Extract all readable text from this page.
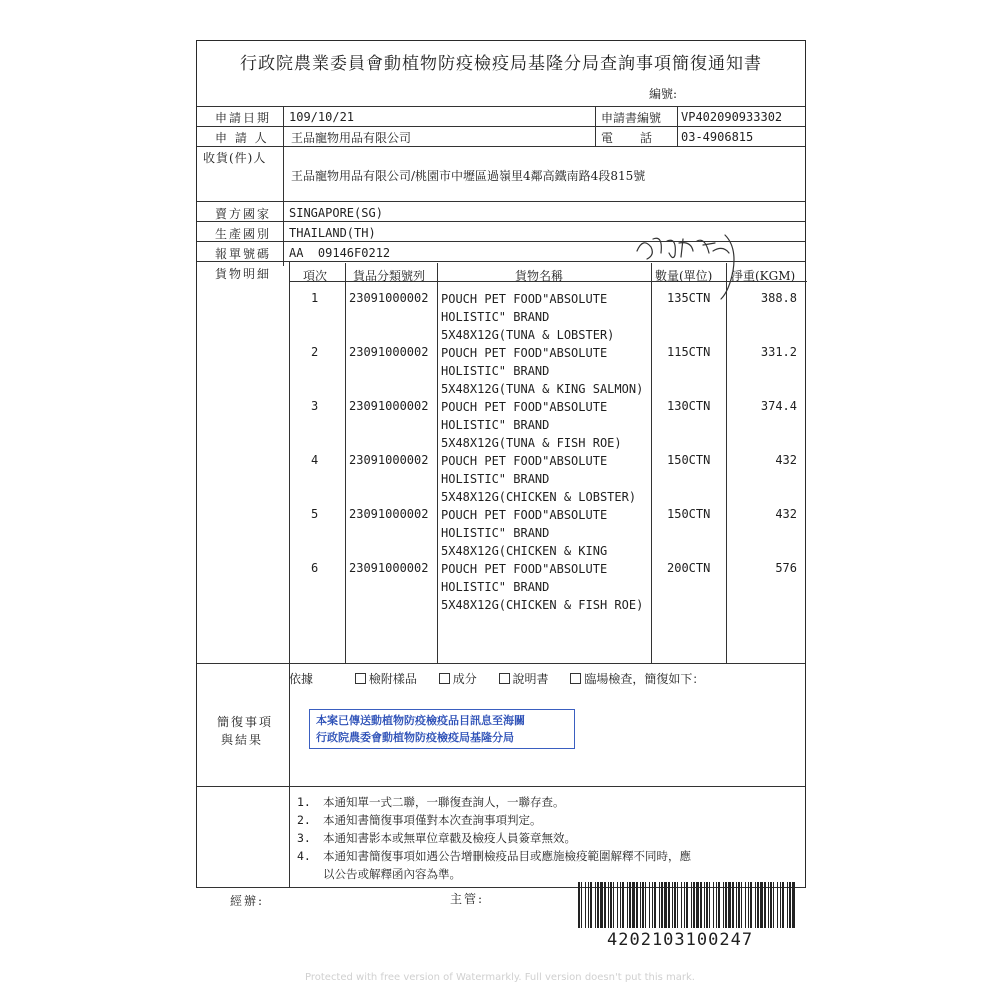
行政院農業委員會動植物防疫檢疫局基隆分局查詢事項簡復通知書
編號:
申請日期 109/10/21	申請書編號 VP402090933302
申 請 人 王品寵物用品有限公司	電　　話 03-4906815
收貨(件)人
王品寵物用品有限公司/桃園市中壢區過嶺里4鄰高鐵南路4段815號
賣方國家 SINGAPORE(SG)
生產國別 THAILAND(TH)
報單號碼 AA  09146F0212
貨物明細	項次 貨品分類號列	貨物名稱	數量(單位) 淨重(KGM)
1	23091000002 POUCH PET FOOD"ABSOLUTE
HOLISTIC" BRAND
5X48X12G(TUNA & LOBSTER)
135CTN	388.8
2	23091000002 POUCH PET FOOD"ABSOLUTE
HOLISTIC" BRAND
5X48X12G(TUNA & KING SALMON)
115CTN	331.2
3	23091000002 POUCH PET FOOD"ABSOLUTE
HOLISTIC" BRAND
5X48X12G(TUNA & FISH ROE)
130CTN	374.4
4	23091000002 POUCH PET FOOD"ABSOLUTE
HOLISTIC" BRAND
5X48X12G(CHICKEN & LOBSTER)
150CTN	432
5	23091000002 POUCH PET FOOD"ABSOLUTE
HOLISTIC" BRAND
5X48X12G(CHICKEN & KING
150CTN	432
6	23091000002 POUCH PET FOOD"ABSOLUTE
HOLISTIC" BRAND
5X48X12G(CHICKEN & FISH ROE)
200CTN	576
簡復事項
與結果
依據	檢附樣品	成分	說明書	臨場檢查，簡復如下：
本案已傳送動植物防疫檢疫品目訊息至海關
行政院農委會動植物防疫檢疫局基隆分局
1.	本通知單一式二聯，一聯復查詢人，一聯存查。
2.	本通知書簡復事項僅對本次查詢事項判定。
3.	本通知書影本或無單位章戳及檢疫人員簽章無效。
4.	本通知書簡復事項如遇公告增刪檢疫品目或應施檢疫範圍解釋不同時，應
以公告或解釋函內容為準。
經辦:	主管:
4202103100247
Protected with free version of Watermarkly. Full version doesn't put this mark.
